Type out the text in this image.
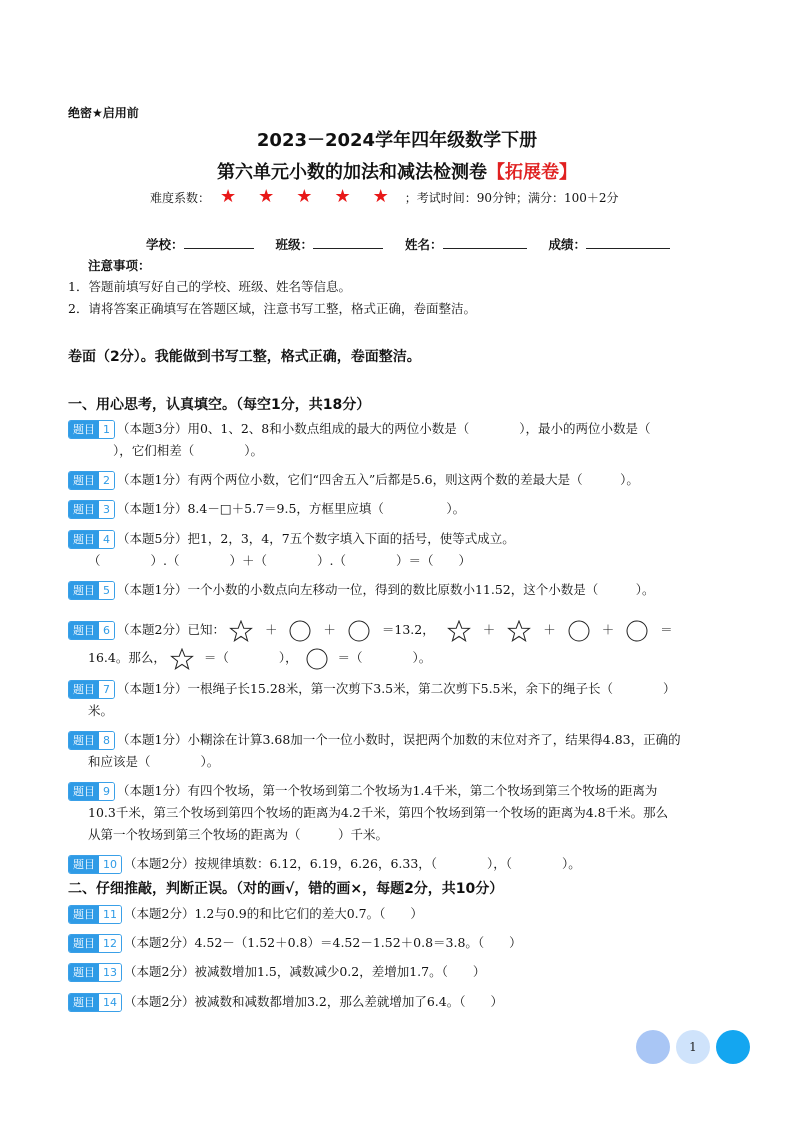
绝密★启用前
2023－2024学年四年级数学下册
第六单元小数的加法和减法检测卷【拓展卷】
难度系数： ★ ★ ★ ★ ★ ；考试时间：90分钟；满分：100＋2分
学校：	班级：	姓名：	成绩：
注意事项：
1．答题前填写好自己的学校、班级、姓名等信息。
2．请将答案正确填写在答题区域，注意书写工整，格式正确，卷面整洁。
卷面（2分）。我能做到书写工整，格式正确，卷面整洁。
一、用心思考，认真填空。（每空1分，共18分）
题目 1 （本题3分）用0、1、2、8和小数点组成的最大的两位小数是（　　　　），最小的两位小数是（
　　），它们相差（　　　　）。
题目 2 （本题1分）有两个两位小数，它们“四舍五入”后都是5.6，则这两个数的差最大是（　　　）。
题目 3 （本题1分）8.4－□＋5.7＝9.5，方框里应填（　　　　　）。
题目 4 （本题5分）把1，2，3，4，7五个数字填入下面的括号，使等式成立。
（　　　　）.（　　　　）＋（　　　　）.（　　　　）＝（　　）
题目 5 （本题1分）一个小数的小数点向左移动一位，得到的数比原数小11.52，这个小数是（　　　）。
题目 6 （本题2分）已知：	＋	＋	＝13.2，	＋	＋	＋	＝
16.4。那么，	＝（　　　　），	＝（　　　　）。
题目 7 （本题1分）一根绳子长15.28米，第一次剪下3.5米，第二次剪下5.5米，余下的绳子长（　　　　）
米。
题目 8 （本题1分）小糊涂在计算3.68加一个一位小数时，误把两个加数的末位对齐了，结果得4.83，正确的
和应该是（　　　　）。
题目 9 （本题1分）有四个牧场，第一个牧场到第二个牧场为1.4千米，第二个牧场到第三个牧场的距离为
10.3千米，第三个牧场到第四个牧场的距离为4.2千米，第四个牧场到第一个牧场的距离为4.8千米。那么
从第一个牧场到第三个牧场的距离为（　　　）千米。
题目 10 （本题2分）按规律填数：6.12，6.19，6.26，6.33，（　　　　），（　　　　）。
二、仔细推敲，判断正误。（对的画√，错的画×，每题2分，共10分）
题目 11 （本题2分）1.2与0.9的和比它们的差大0.7。（　　）
题目 12 （本题2分）4.52－（1.52＋0.8）＝4.52－1.52＋0.8＝3.8。（　　）
题目 13 （本题2分）被减数增加1.5，减数减少0.2，差增加1.7。（　　）
题目 14 （本题2分）被减数和减数都增加3.2，那么差就增加了6.4。（　　）
1
